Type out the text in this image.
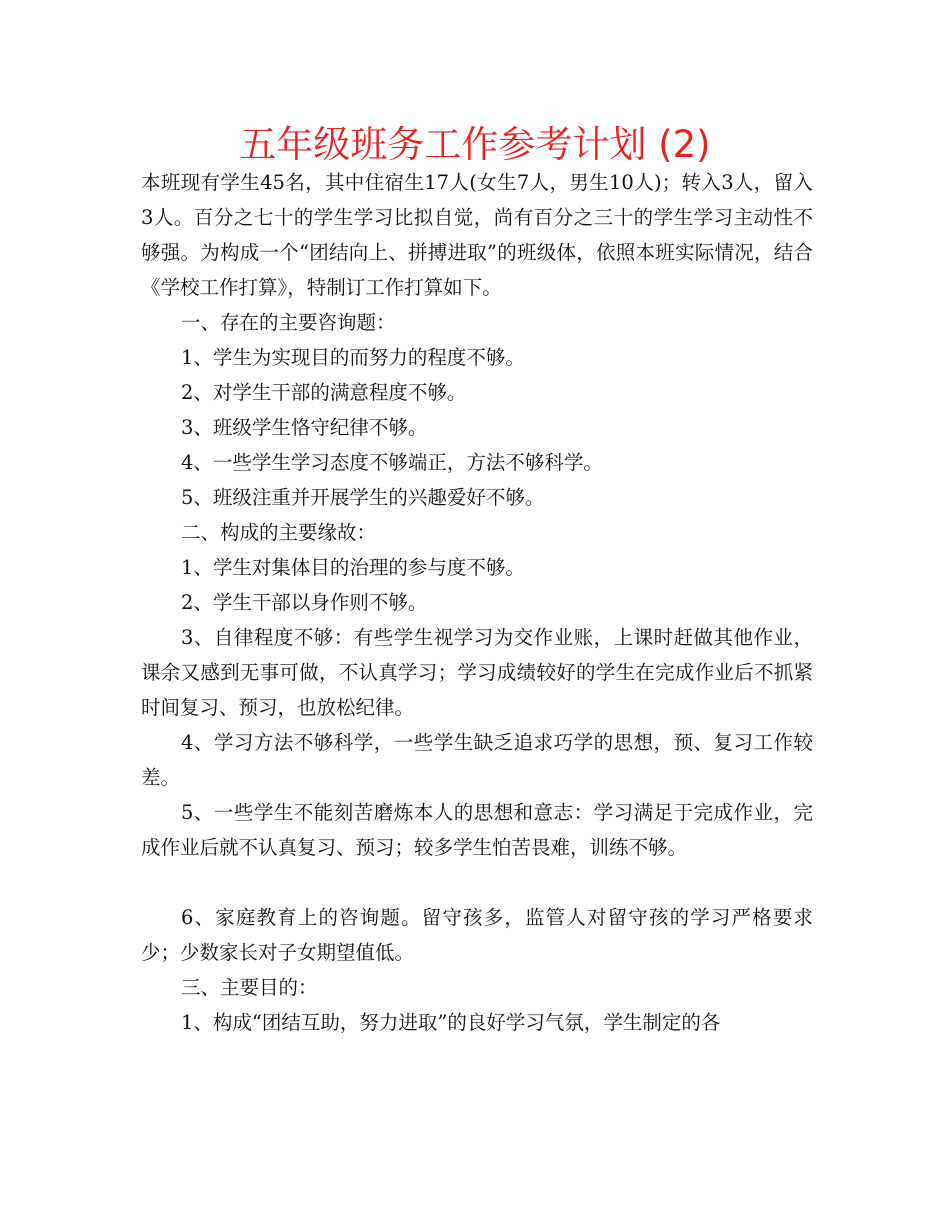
五年级班务工作参考计划 (2)

本班现有学生45名，其中住宿生17人(女生7人，男生10人)；转入3人，留入3人。百分之七十的学生学习比拟自觉，尚有百分之三十的学生学习主动性不够强。为构成一个“团结向上、拼搏进取”的班级体，依照本班实际情况，结合《学校工作打算》，特制订工作打算如下。

一、存在的主要咨询题：

1、学生为实现目的而努力的程度不够。

2、对学生干部的满意程度不够。

3、班级学生恪守纪律不够。

4、一些学生学习态度不够端正，方法不够科学。

5、班级注重并开展学生的兴趣爱好不够。

二、构成的主要缘故：

1、学生对集体目的治理的参与度不够。

2、学生干部以身作则不够。

3、自律程度不够：有些学生视学习为交作业账，上课时赶做其他作业，课余又感到无事可做，不认真学习；学习成绩较好的学生在完成作业后不抓紧时间复习、预习，也放松纪律。

4、学习方法不够科学，一些学生缺乏追求巧学的思想，预、复习工作较差。

5、一些学生不能刻苦磨炼本人的思想和意志：学习满足于完成作业，完成作业后就不认真复习、预习；较多学生怕苦畏难，训练不够。

6、家庭教育上的咨询题。留守孩多，监管人对留守孩的学习严格要求少；少数家长对子女期望值低。

三、主要目的：

1、构成“团结互助，努力进取”的良好学习气氛，学生制定的各
